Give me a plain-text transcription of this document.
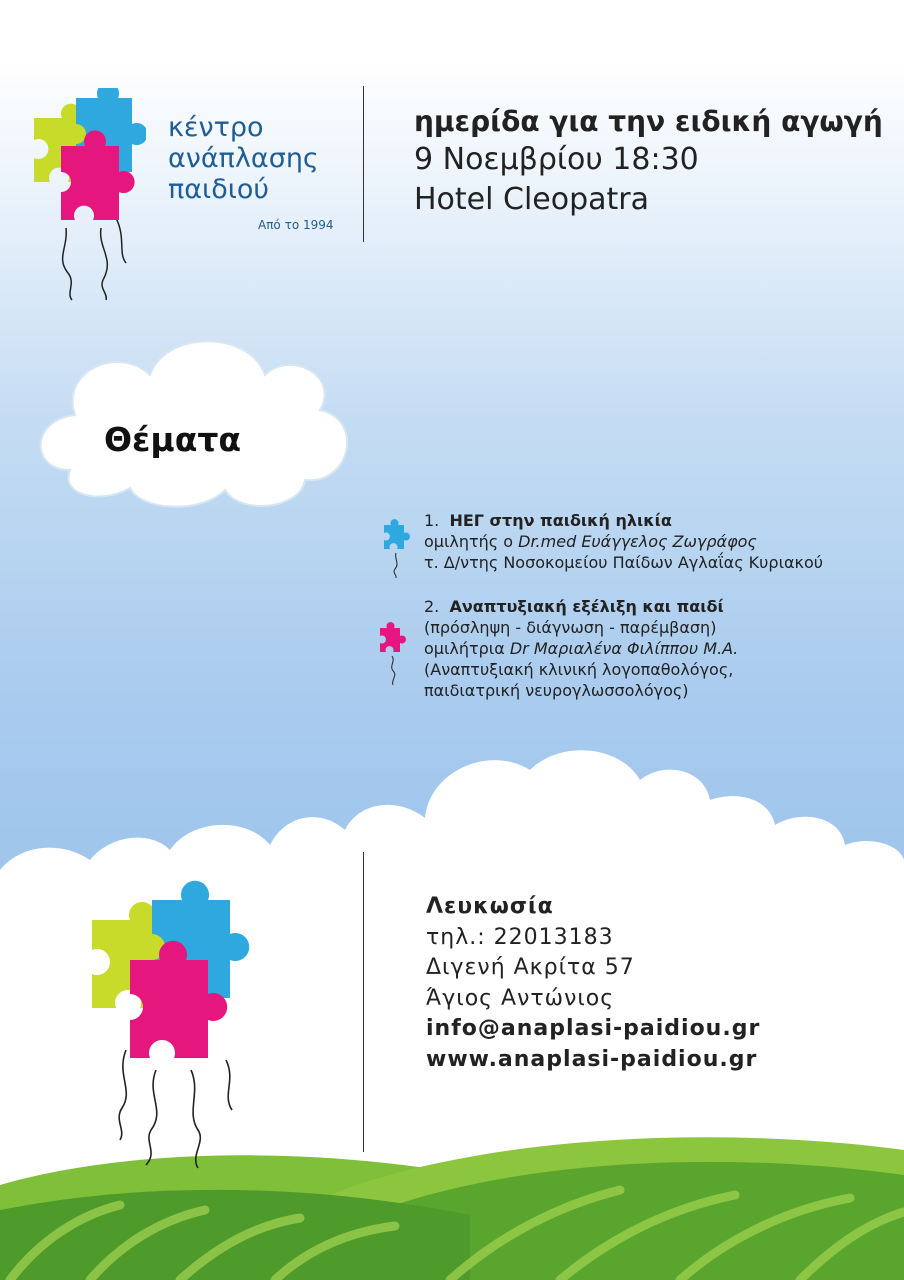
κέντρο
ανάπλασης
παιδιού
Από το 1994
ημερίδα για την ειδική αγωγή
9 Νοεμβρίου 18:30
Hotel Cleopatra
Θέματα
1. ΗΕΓ στην παιδική ηλικία
ομιλητής ο Dr.med Ευάγγελος Ζωγράφος
τ. Δ/ντης Νοσοκομείου Παίδων Αγλαΐας Κυριακού
2. Αναπτυξιακή εξέλιξη και παιδί
(πρόσληψη - διάγνωση - παρέμβαση)
ομιλήτρια Dr Μαριαλένα Φιλίππου Μ.Α.
(Αναπτυξιακή κλινική λογοπαθολόγος,
παιδιατρική νευρογλωσσολόγος)
Λευκωσία
τηλ.: 22013183
Διγενή Ακρίτα 57
Άγιος Αντώνιος
info@anaplasi-paidiou.gr
www.anaplasi-paidiou.gr
